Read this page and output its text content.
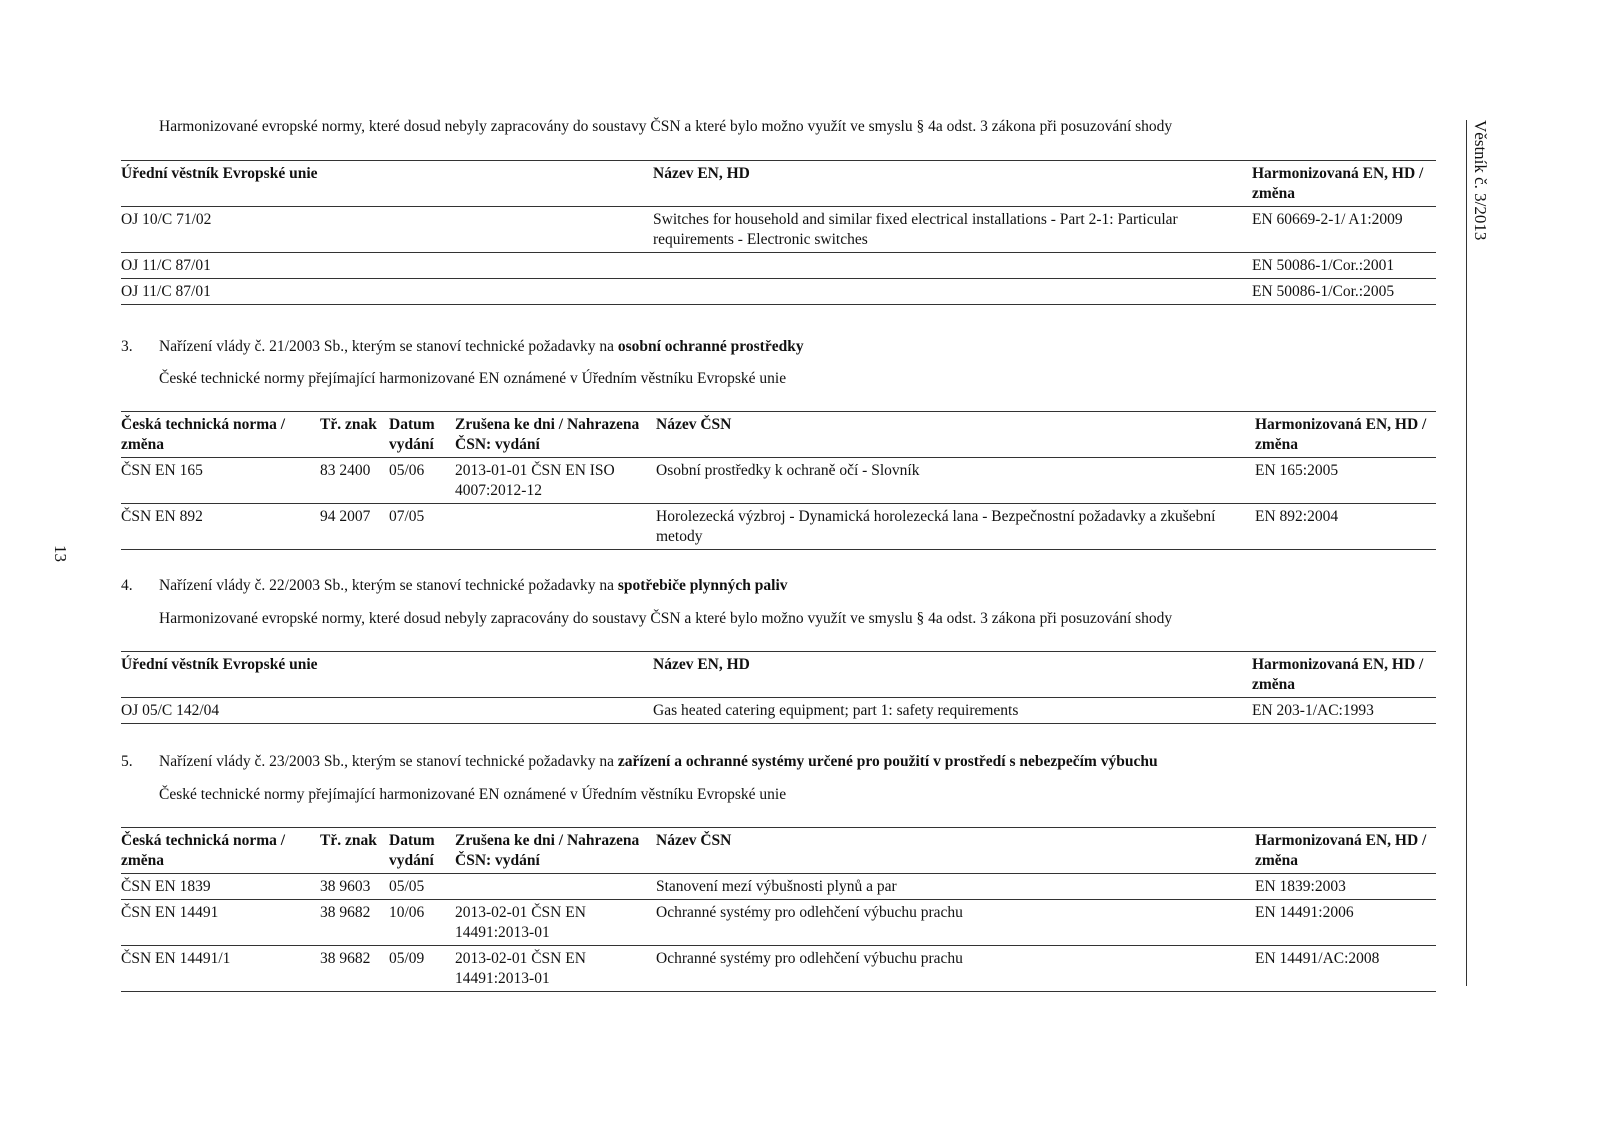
Věstník č. 3/2013
13
Harmonizované evropské normy, které dosud nebyly zapracovány do soustavy ČSN a které bylo možno využít ve smyslu § 4a odst. 3 zákona při posuzování shody
Úřední věstník Evropské unie	Název EN, HD	Harmonizovaná EN, HD / změna
OJ 10/C 71/02	Switches for household and similar fixed electrical installations - Part 2-1: Particular requirements - Electronic switches	EN 60669-2-1/ A1:2009
OJ 11/C 87/01		EN 50086-1/Cor.:2001
OJ 11/C 87/01		EN 50086-1/Cor.:2005
3. Nařízení vlády č. 21/2003 Sb., kterým se stanoví technické požadavky na osobní ochranné prostředky
České technické normy přejímající harmonizované EN oznámené v Úředním věstníku Evropské unie
Česká technická norma / změna	Tř. znak	Datum vydání	Zrušena ke dni / Nahrazena ČSN: vydání	Název ČSN	Harmonizovaná EN, HD / změna
ČSN EN 165	83 2400	05/06	2013-01-01 ČSN EN ISO 4007:2012-12	Osobní prostředky k ochraně očí - Slovník	EN 165:2005
ČSN EN 892	94 2007	07/05		Horolezecká výzbroj - Dynamická horolezecká lana - Bezpečnostní požadavky a zkušební metody	EN 892:2004
4. Nařízení vlády č. 22/2003 Sb., kterým se stanoví technické požadavky na spotřebiče plynných paliv
Harmonizované evropské normy, které dosud nebyly zapracovány do soustavy ČSN a které bylo možno využít ve smyslu § 4a odst. 3 zákona při posuzování shody
Úřední věstník Evropské unie	Název EN, HD	Harmonizovaná EN, HD / změna
OJ 05/C 142/04	Gas heated catering equipment; part 1: safety requirements	EN 203-1/AC:1993
5. Nařízení vlády č. 23/2003 Sb., kterým se stanoví technické požadavky na zařízení a ochranné systémy určené pro použití v prostředí s nebezpečím výbuchu
České technické normy přejímající harmonizované EN oznámené v Úředním věstníku Evropské unie
Česká technická norma / změna	Tř. znak	Datum vydání	Zrušena ke dni / Nahrazena ČSN: vydání	Název ČSN	Harmonizovaná EN, HD / změna
ČSN EN 1839	38 9603	05/05		Stanovení mezí výbušnosti plynů a par	EN 1839:2003
ČSN EN 14491	38 9682	10/06	2013-02-01 ČSN EN 14491:2013-01	Ochranné systémy pro odlehčení výbuchu prachu	EN 14491:2006
ČSN EN 14491/1	38 9682	05/09	2013-02-01 ČSN EN 14491:2013-01	Ochranné systémy pro odlehčení výbuchu prachu	EN 14491/AC:2008
